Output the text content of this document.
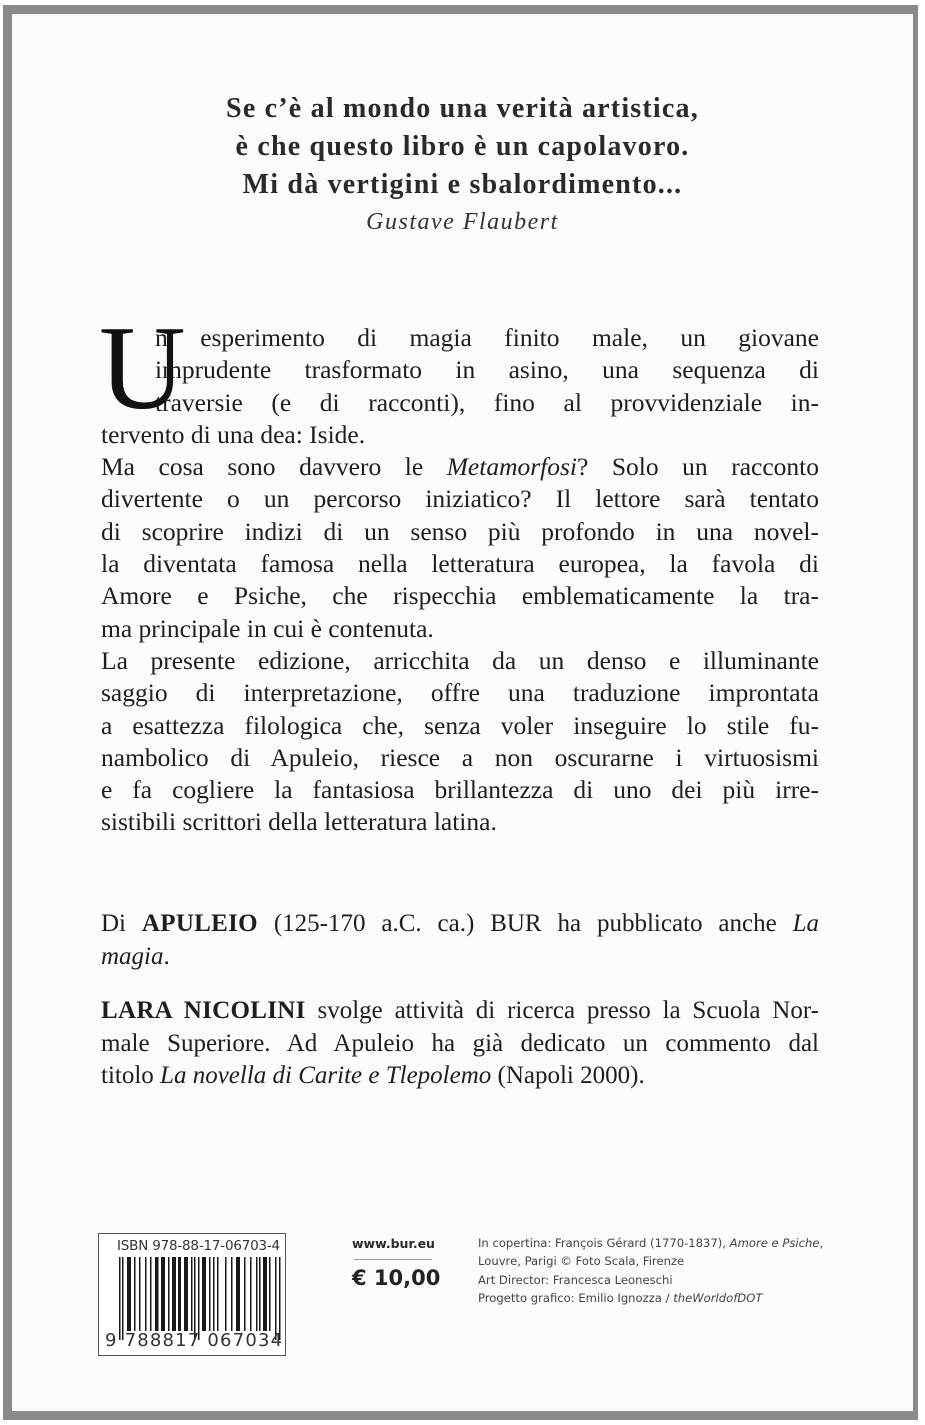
Se c’è al mondo una verità artistica,
è che questo libro è un capolavoro.
Mi dà vertigini e sbalordimento...
Gustave Flaubert
U
n esperimento di magia finito male, un giovane
imprudente trasformato in asino, una sequenza di
traversie (e di racconti), fino al provvidenziale in-
tervento di una dea: Iside.
Ma cosa sono davvero le Metamorfosi? Solo un racconto
divertente o un percorso iniziatico? Il lettore sarà tentato
di scoprire indizi di un senso più profondo in una novel-
la diventata famosa nella letteratura europea, la favola di
Amore e Psiche, che rispecchia emblematicamente la tra-
ma principale in cui è contenuta.
La presente edizione, arricchita da un denso e illuminante
saggio di interpretazione, offre una traduzione improntata
a esattezza filologica che, senza voler inseguire lo stile fu-
nambolico di Apuleio, riesce a non oscurarne i virtuosismi
e fa cogliere la fantasiosa brillantezza di uno dei più irre-
sistibili scrittori della letteratura latina.
Di APULEIO (125-170 a.C. ca.) BUR ha pubblicato anche La
magia.
LARA NICOLINI svolge attività di ricerca presso la Scuola Nor-
male Superiore. Ad Apuleio ha già dedicato un commento dal
titolo La novella di Carite e Tlepolemo (Napoli 2000).
ISBN 978-88-17-06703-4
9 788817 067034
www.bur.eu
€ 10,00
In copertina: François Gérard (1770-1837), Amore e Psiche,
Louvre, Parigi © Foto Scala, Firenze
Art Director: Francesca Leoneschi
Progetto grafico: Emilio Ignozza / theWorldofDOT
